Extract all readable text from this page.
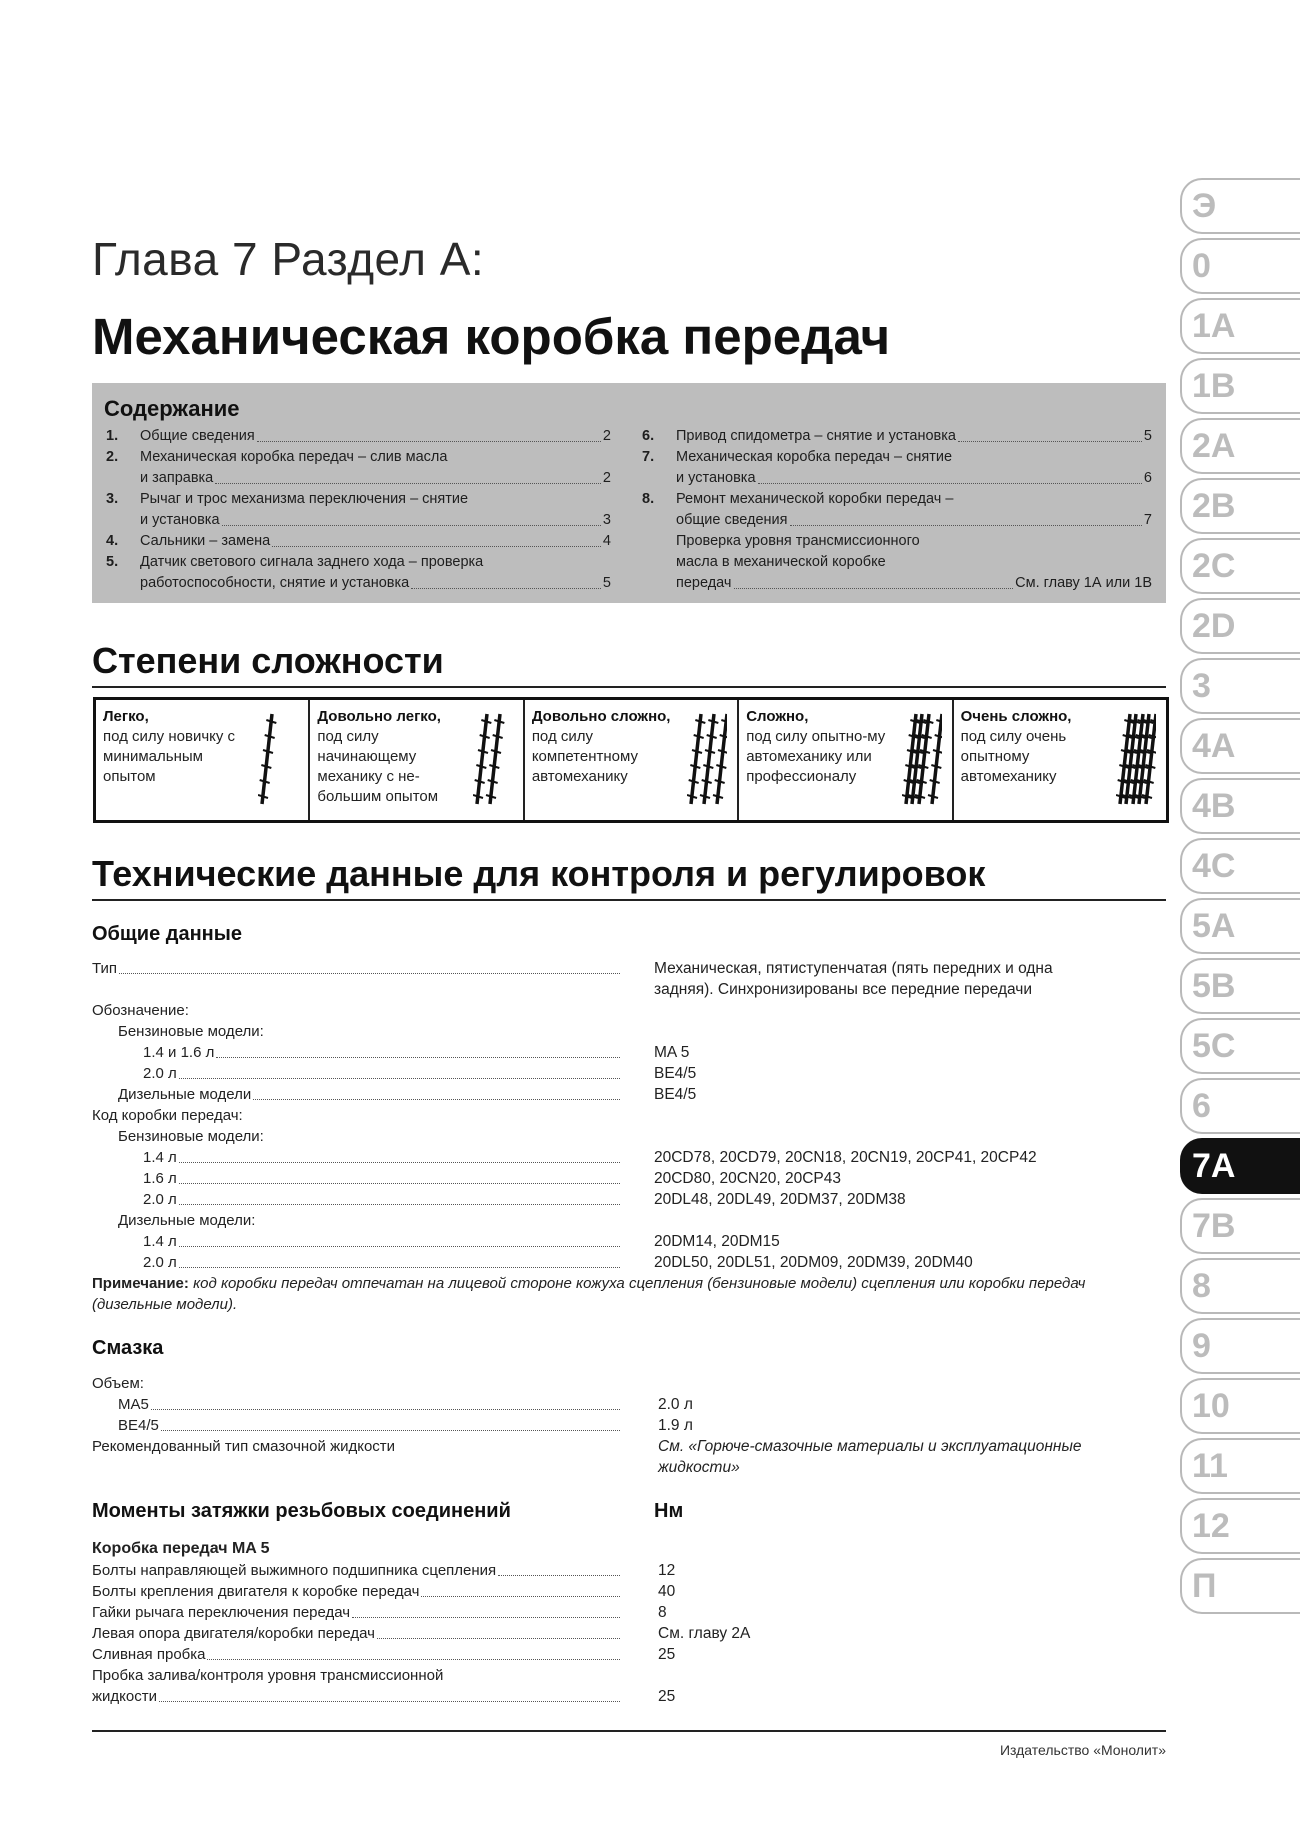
Глава 7 Раздел А:
Механическая коробка передач
Содержание
1.	Общие сведения	2
2.	Механическая коробка передач – слив масла
и заправка	2
3.	Рычаг и трос механизма переключения – снятие
и установка	3
4.	Сальники – замена	4
5.	Датчик светового сигнала заднего хода – проверка
работоспособности, снятие и установка	5
6.	Привод спидометра – снятие и установка	5
7.	Механическая коробка передач – снятие
и установка	6
8.	Ремонт механической коробки передач –
общие сведения	7
Проверка уровня трансмиссионного
масла в механической коробке
передач	См. главу 1А или 1В
Степени сложности
Легко,
под силу новичку с минимальным опытом
Довольно легко,
под силу начинающему механику с не-большим опытом
Довольно сложно,
под силу компетентному автомеханику
Сложно,
под силу опытно-му автомеханику или профессионалу
Очень сложно,
под силу очень опытному автомеханику
Технические данные для контроля и регулировок
Общие данные
Тип	Механическая, пятиступенчатая (пять передних и одна
задняя). Синхронизированы все передние передачи
Обозначение:
Бензиновые модели:
1.4 и 1.6 л	MA 5
2.0 л	BE4/5
Дизельные модели	BE4/5
Код коробки передач:
Бензиновые модели:
1.4 л	20CD78, 20CD79, 20CN18, 20CN19, 20CP41, 20CP42
1.6 л	20CD80, 20CN20, 20CP43
2.0 л	20DL48, 20DL49, 20DM37, 20DM38
Дизельные модели:
1.4 л	20DM14, 20DM15
2.0 л	20DL50, 20DL51, 20DM09, 20DM39, 20DM40
Примечание: код коробки передач отпечатан на лицевой стороне кожуха сцепления (бензиновые модели) сцепления или коробки передач (дизельные модели).
Смазка
Объем:
MA5	2.0 л
BE4/5	1.9 л
Рекомендованный тип смазочной жидкости	См. «Горюче-смазочные материалы и эксплуатационные
жидкости»
Моменты затяжки резьбовых соединений	Нм
Коробка передач MA 5
Болты направляющей выжимного подшипника сцепления	12
Болты крепления двигателя к коробке передач	40
Гайки рычага переключения передач	8
Левая опора двигателя/коробки передач	См. главу 2А
Сливная пробка	25
Пробка залива/контроля уровня трансмиссионной
жидкости	25
Издательство «Монолит»
Э
0
1A
1B
2A
2B
2C
2D
3
4A
4B
4C
5A
5B
5C
6
7A
7B
8
9
10
11
12
П
